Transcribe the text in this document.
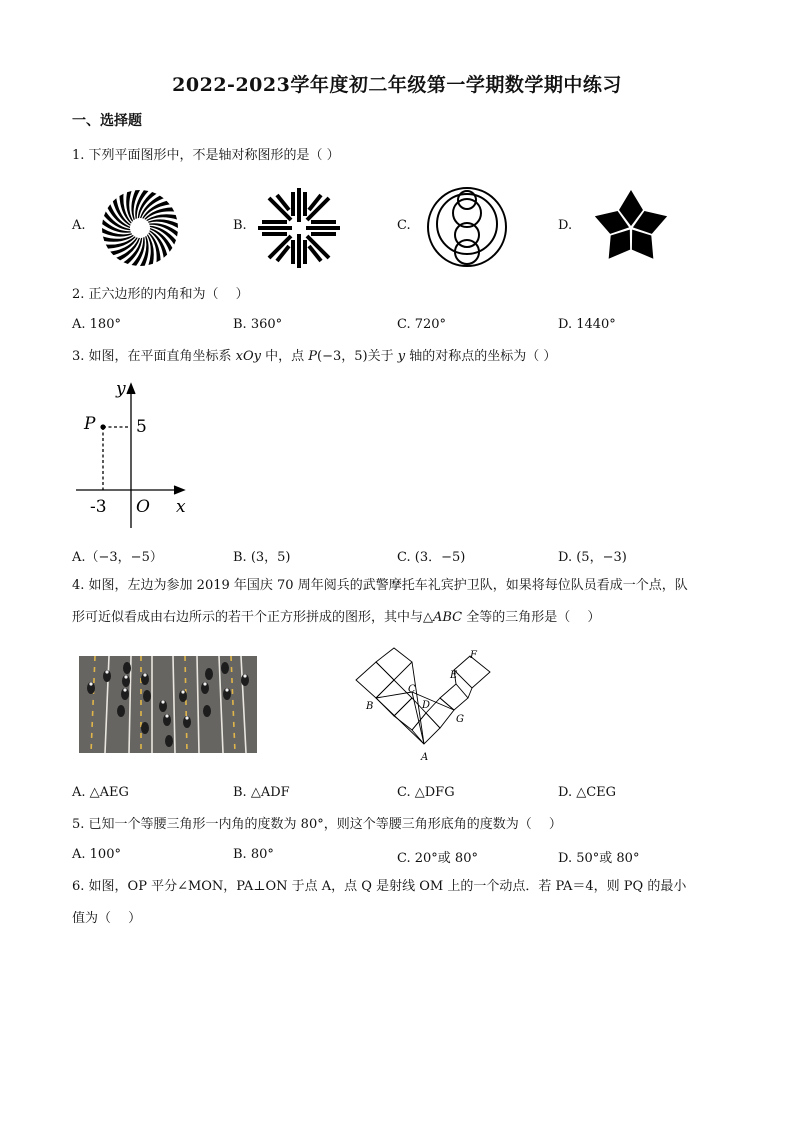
2022-2023学年度初二年级第一学期数学期中练习
一、选择题
1. 下列平面图形中，不是轴对称图形的是（ ）
A.	B.	C.	D.
2. 正六边形的内角和为（　 ）
A. 180°	B. 360°	C. 720°	D. 1440°
3. 如图，在平面直角坐标系 xOy 中，点 P(−3，5)关于 y 轴的对称点的坐标为（ ）
P 5
-3 O x
y
A.（−3，−5）	B. (3，5)	C. (3．−5)	D. (5，−3)
4. 如图，左边为参加 2019 年国庆 70 周年阅兵的武警摩托车礼宾护卫队，如果将每位队员看成一个点，队
形可近似看成由右边所示的若干个正方形拼成的图形，其中与△ABC 全等的三角形是（　 ）
A
B
C
D
E
F
G
A. △AEG	B. △ADF	C. △DFG	D. △CEG
5. 已知一个等腰三角形一内角的度数为 80°，则这个等腰三角形底角的度数为（　 ）
A. 100°	B. 80°	C. 20°或 80°	D. 50°或 80°
6. 如图，OP 平分∠MON，PA⊥ON 于点 A，点 Q 是射线 OM 上的一个动点．若 PA＝4，则 PQ 的最小
值为（　 ）
